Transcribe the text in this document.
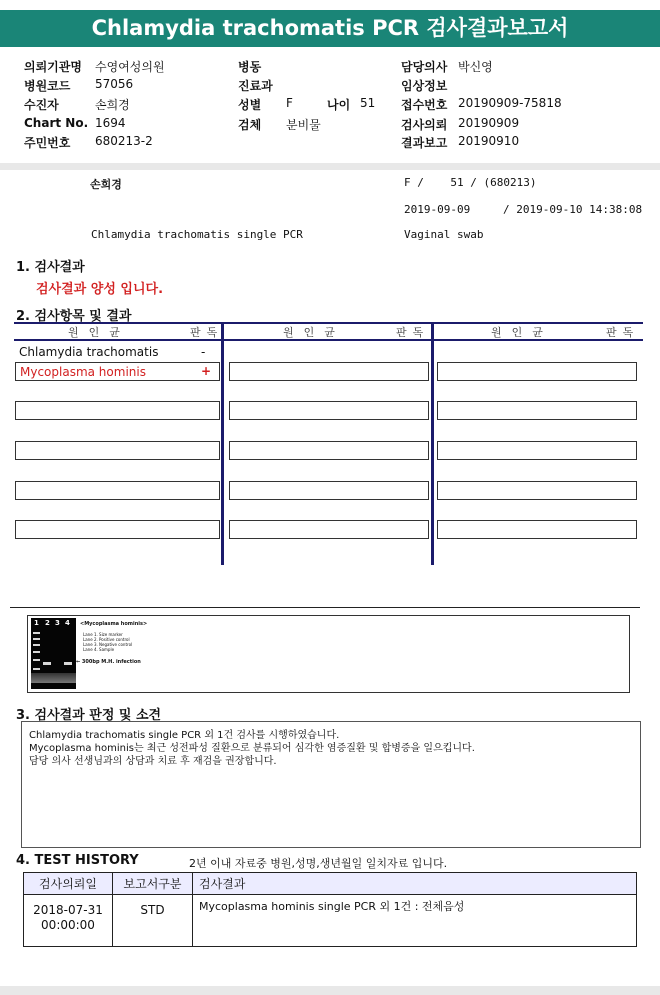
Chlamydia trachomatis PCR 검사결과보고서
의뢰기관명 수영여성의원
병원코드 57056
수진자	손희경
Chart No. 1694
주민번호 680213-2
병동
진료과
성별 F	나이 51
검체 분비물
담당의사 박신영
임상정보
접수번호 20190909-75818
검사의뢰 20190909
결과보고 20190910
손희경	F /    51 / (680213)
2019-09-09	/ 2019-09-10 14:38:08
Chlamydia trachomatis single PCR	Vaginal swab
1. 검사결과
검사결과 양성 입니다.
2. 검사항목 및 결과
원인균	판독	원인균	판독	원인균	판독
Chlamydia trachomatis	-
Mycoplasma hominis	+
1 2 3 4 <Mycoplasma hominis>
Lane 1. Size marker
Lane 2. Positive control
Lane 3. Negative control
Lane 4. Sample
← 300bp M.H. infection
3. 검사결과 판정 및 소견
Chlamydia trachomatis single PCR 외 1건 검사를 시행하였습니다.
Mycoplasma hominis는 최근 성전파성 질환으로 분류되어 심각한 염증질환 및 합병증을 일으킵니다.
담당 의사 선생님과의 상담과 치료 후 재검을 권장합니다.
4. TEST HISTORY	2년 이내 자료중 병원,성명,생년월일 일치자료 입니다.
검사의뢰일	보고서구분	검사결과

2018-07-31
00:00:00	STD	Mycoplasma hominis single PCR 외 1건 : 전체음성
